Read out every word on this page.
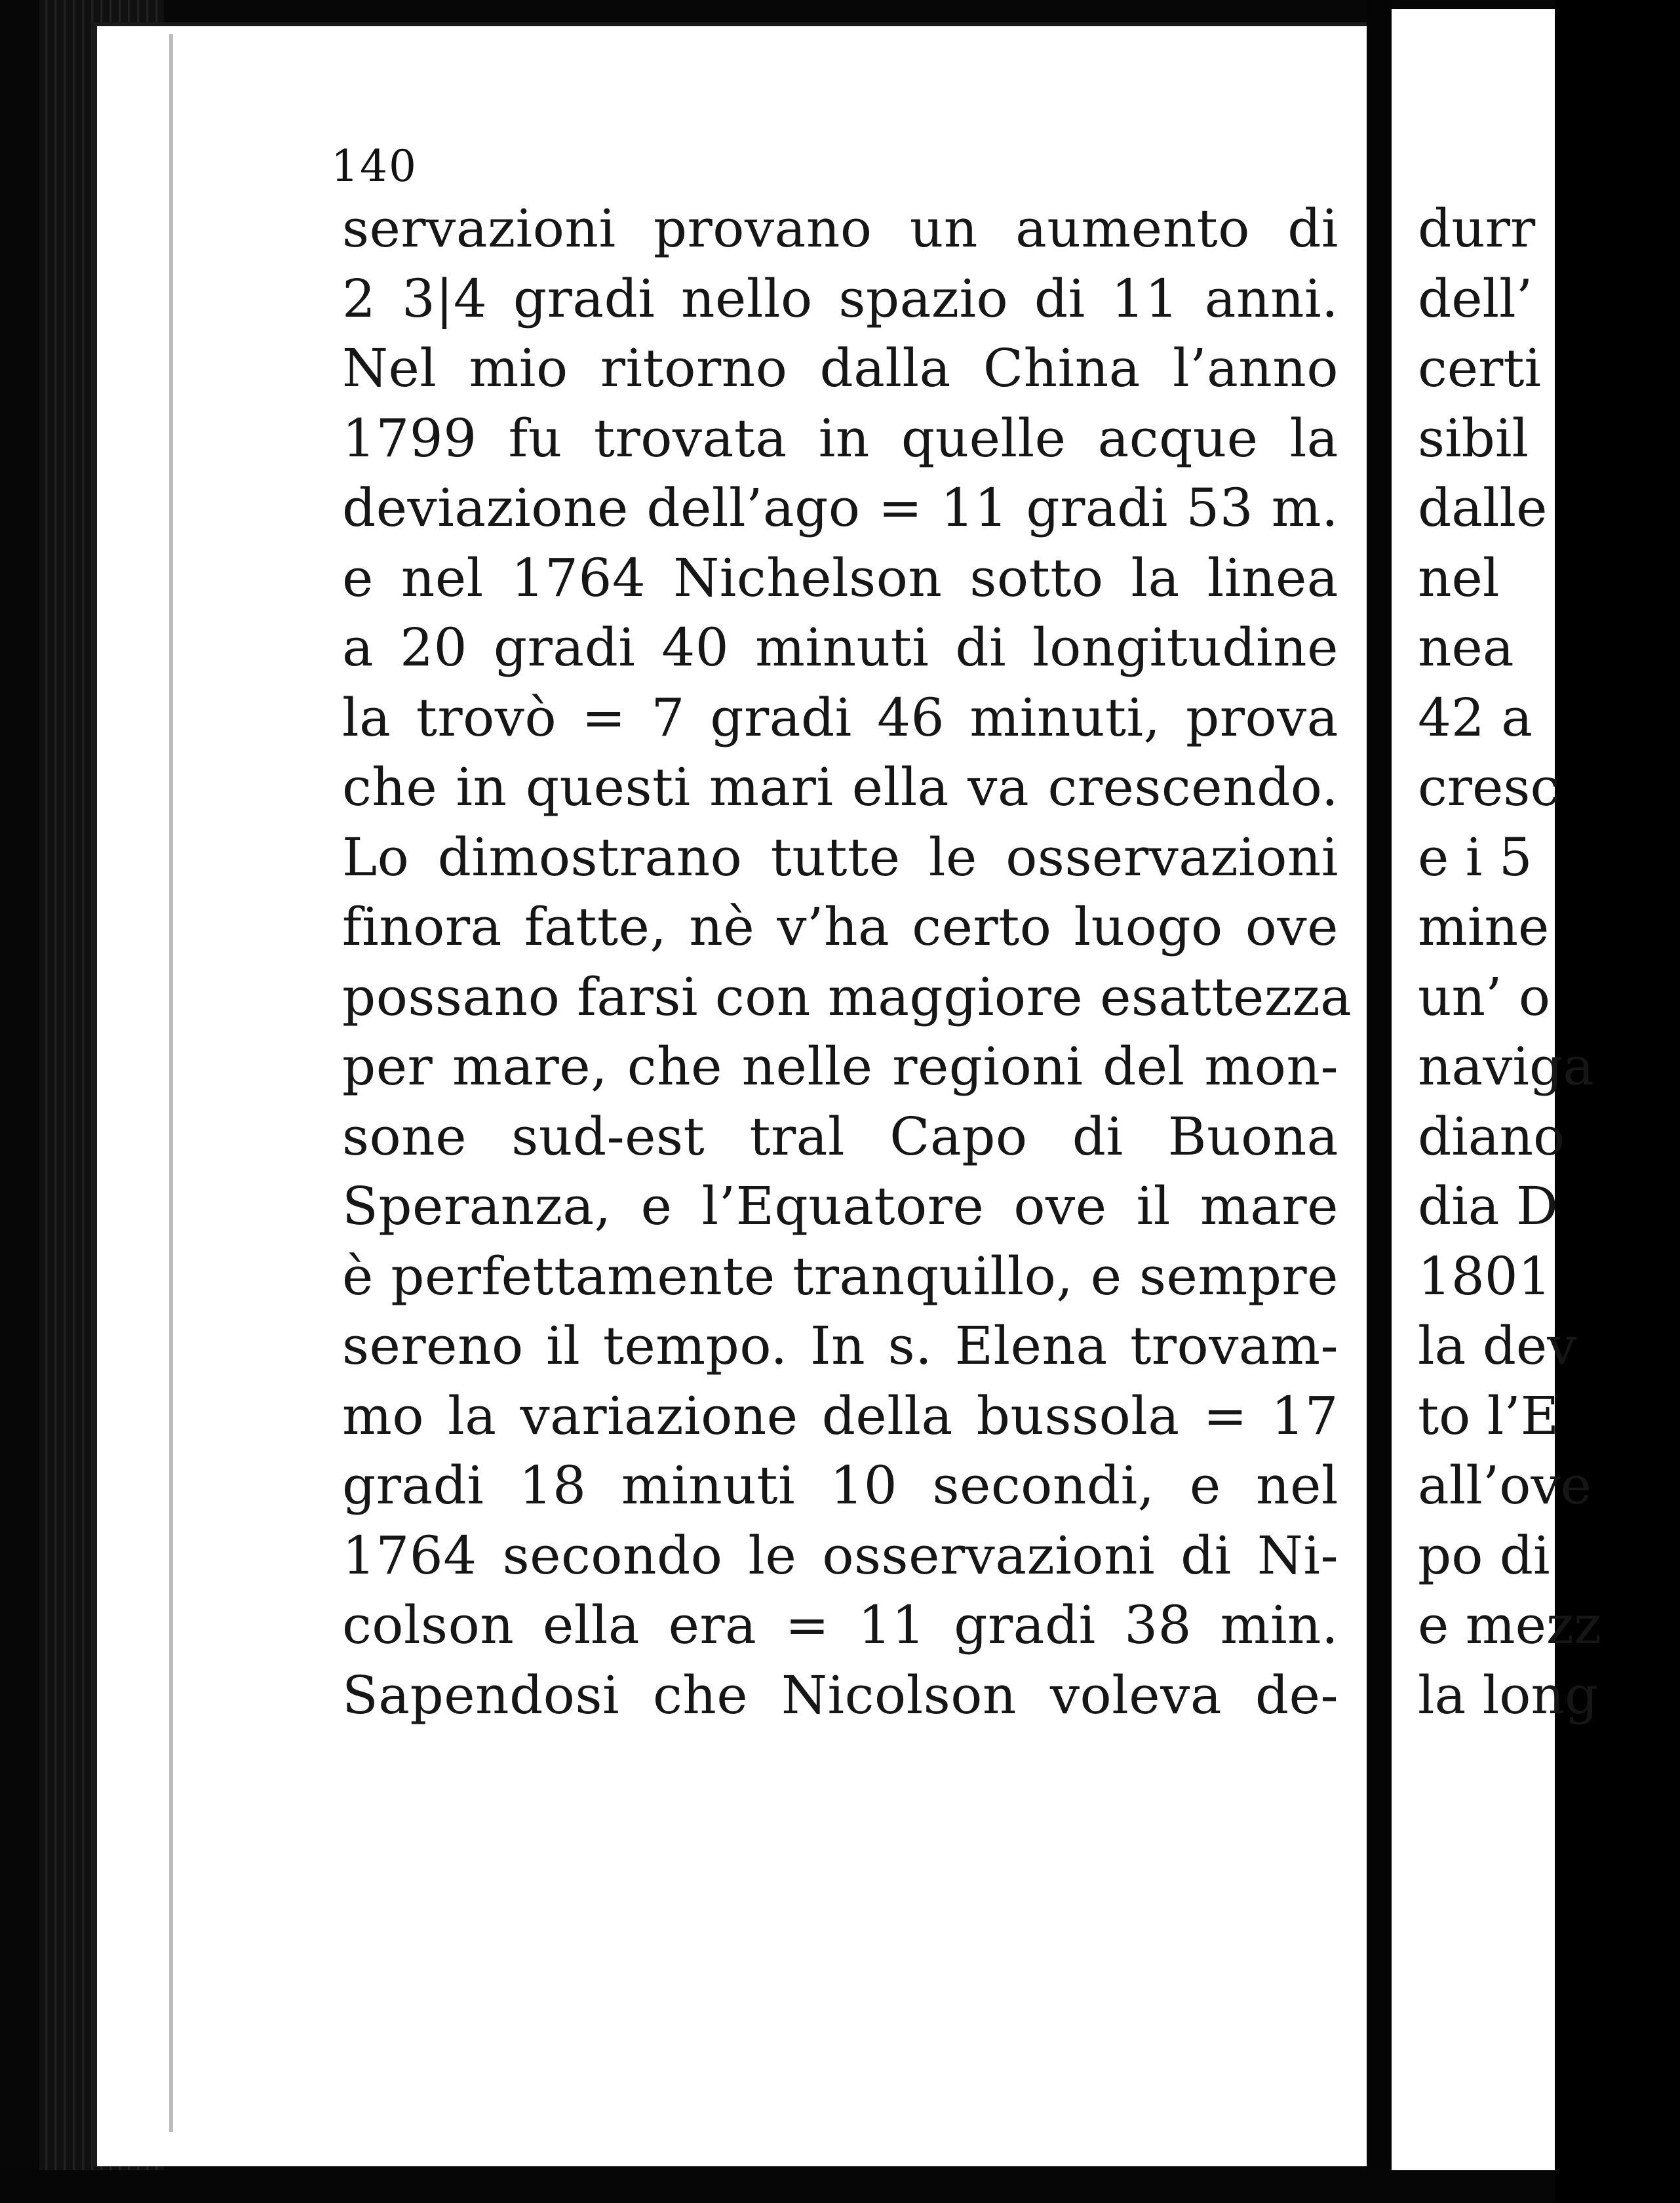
140
servazioni provano un aumento di
2 3|4 gradi nello spazio di 11 anni.
Nel mio ritorno dalla China l’anno
1799 fu trovata in quelle acque la
deviazione dell’ago = 11 gradi 53 m.
e nel 1764 Nichelson sotto la linea
a 20 gradi 40 minuti di longitudine
la trovò = 7 gradi 46 minuti, prova
che in questi mari ella va crescendo.
Lo dimostrano tutte le osservazioni
finora fatte, nè v’ha certo luogo ove
possano farsi con maggiore esattezza
per mare, che nelle regioni del mon-
sone sud-est tral Capo di Buona
Speranza, e l’Equatore ove il mare
è perfettamente tranquillo, e sempre
sereno il tempo. In s. Elena trovam-
mo la variazione della bussola = 17
gradi 18 minuti 10 secondi, e nel
1764 secondo le osservazioni di Ni-
colson ella era = 11 gradi 38 min.
Sapendosi che Nicolson voleva de-
durr
dell’
certi
sibil
dalle
nel
nea
42 a
cresc
e i 5
mine
un’ o
naviga
diano
dia D
1801
la dev
to l’E
all’ove
po di
e mezz
la long
